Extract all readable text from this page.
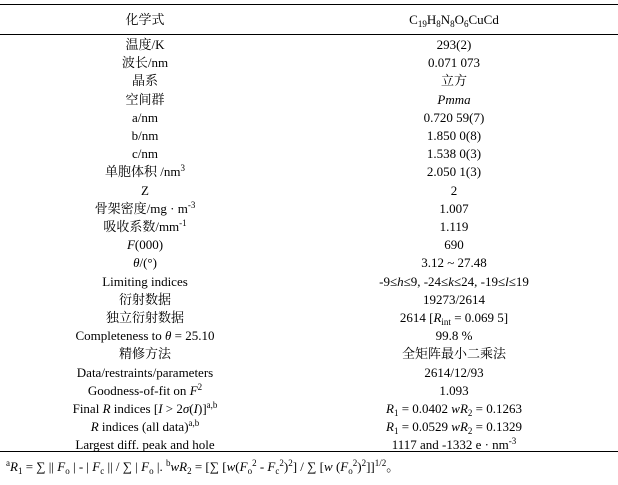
化学式	$C_{19}H_8N_8O_6CuCd$
温度/K	293(2)
波长/nm	0.071 073
晶系	立方
空间群	Pmma
a/nm	0.720 59(7)
b/nm	1.850 0(8)
c/nm	1.538 0(3)
单胞体积 $/nm^3$	2.050 1(3)
Z	2
骨架密度$/mg \cdot m^{-3}$	1.007
吸收系数$/mm^{-1}$	1.119
F(000)	690
θ/(°)	3.12 ~ 27.48
Limiting indices	-9≤h≤9, -24≤k≤24, -19≤l≤19
衍射数据	19273/2614
独立衍射数据	2614 [$R_{int} = 0.069$ 5]
Completeness to θ = 25.10	99.8 %
精修方法	全矩阵最小二乘法
Data/restraints/parameters	2614/12/93
Goodness-of-fit on $F^2$	1.093
Final R indices [I > 2σ(I)]$^{a,b}$	$R_1 = 0.0402$ $wR_2 = 0.1263$
R indices (all data)$^{a,b}$	$R_1 = 0.0529$ $wR_2 = 0.1329$
Largest diff. peak and hole	1117 and -1332 $e \cdot nm^{-3}$
$^aR_1$ = ∑ || $F_o$ | - | $F_c$ || / ∑ | $F_o$ |. $^bwR_2$ = [∑ $[w(F_o^2 - F_c^2)^2]$ / ∑ [w $(F_o^2)^2]]^{1/2}$。
